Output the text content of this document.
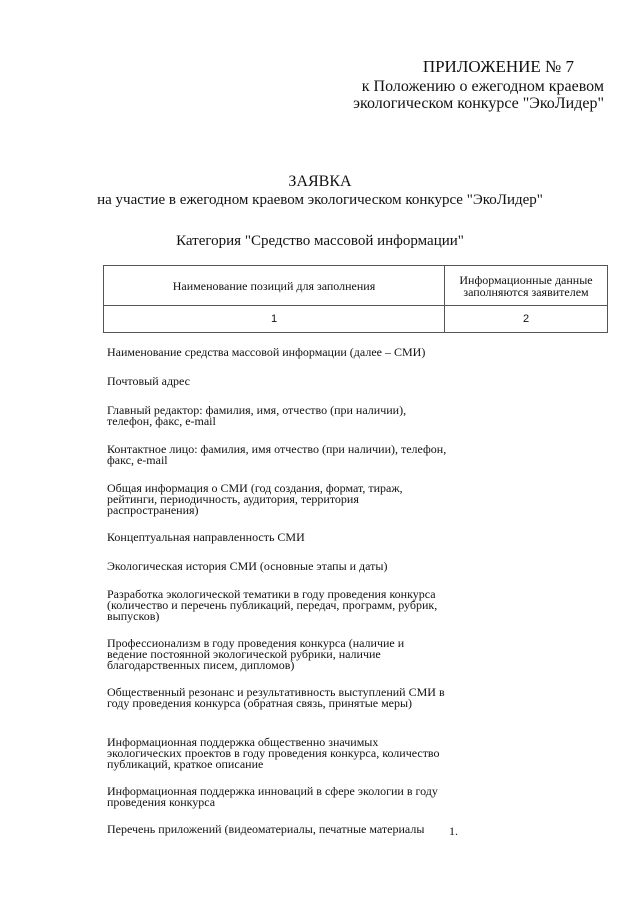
ПРИЛОЖЕНИЕ № 7
к Положению о ежегодном краевом
экологическом конкурсе "ЭкоЛидер"
ЗАЯВКА
на участие в ежегодном краевом экологическом конкурсе "ЭкоЛидер"
Категория "Средство массовой информации"
Наименование позиций для заполнения	Информационные данные заполняются заявителем
1	2
Наименование средства массовой информации (далее – СМИ)
Почтовый адрес
Главный редактор: фамилия, имя, отчество (при наличии), телефон, факс, e-mail
Контактное лицо: фамилия, имя отчество (при наличии), телефон, факс, e-mail
Общая информация о СМИ (год создания, формат, тираж, рейтинги, периодичность, аудитория, территория распространения)
Концептуальная направленность СМИ
Экологическая история СМИ (основные этапы и даты)
Разработка экологической тематики в году проведения конкурса (количество и перечень публикаций, передач, программ, рубрик, выпусков)
Профессионализм в году проведения конкурса (наличие и ведение постоянной экологической рубрики, наличие благодарственных писем, дипломов)
Общественный резонанс и результативность выступлений СМИ в году проведения конкурса (обратная связь, принятые меры)
Информационная поддержка общественно значимых экологических проектов в году проведения конкурса, количество публикаций, краткое описание
Информационная поддержка инноваций в сфере экологии в году проведения конкурса
Перечень приложений (видеоматериалы, печатные материалы	1.
